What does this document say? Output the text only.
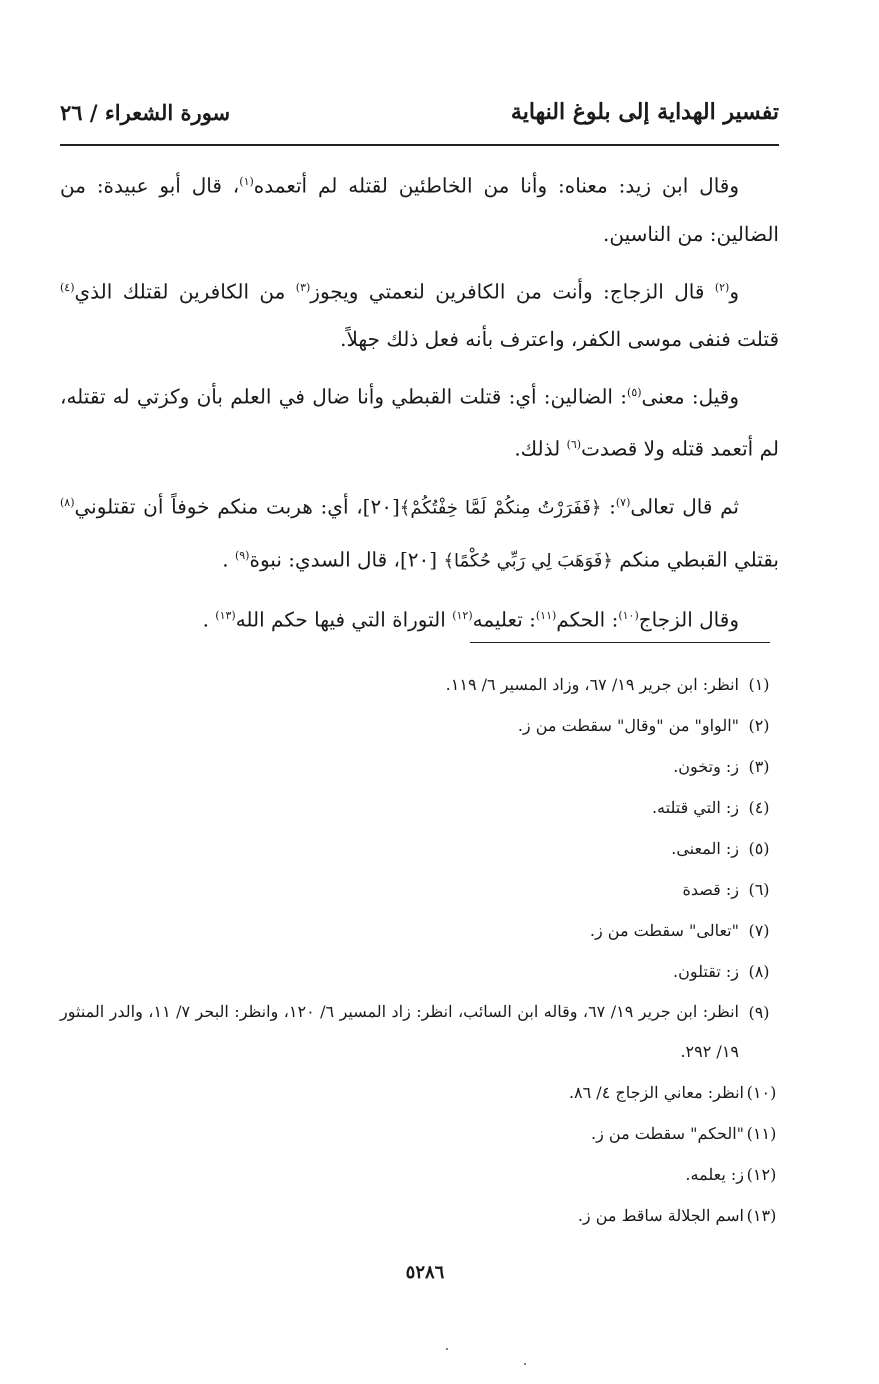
تفسير الهداية إلى بلوغ النهاية
سورة الشعراء / ٢٦

وقال ابن زيد: معناه: وأنا من الخاطئين لقتله لم أتعمده$^{(١)}$، قال أبو عبيدة: من الضالين: من الناسين.

و$^{(٢)}$ قال الزجاج: وأنت من الكافرين لنعمتي ويجوز$^{(٣)}$ من الكافرين لقتلك الذي$^{(٤)}$ قتلت فنفى موسى الكفر، واعترف بأنه فعل ذلك جهلاً.

وقيل: معنى$^{(٥)}$: الضالين: أي: قتلت القبطي وأنا ضال في العلم بأن وكزتي له تقتله، لم أتعمد قتله ولا قصدت$^{(٦)}$ لذلك.

ثم قال تعالى$^{(٧)}$: ﴿فَفَرَرْتُ مِنكُمْ لَمَّا خِفْتُكُمْ﴾[٢٠]، أي: هربت منكم خوفاً أن تقتلوني$^{(٨)}$ بقتلي القبطي منكم ﴿فَوَهَبَ لِي رَبِّي حُكْمًا﴾ [٢٠]، قال السدي: نبوة$^{(٩)}$ .

وقال الزجاج$^{(١٠)}$: الحكم$^{(١١)}$: تعليمه$^{(١٢)}$ التوراة التي فيها حكم الله$^{(١٣)}$ .

(١)
انظر: ابن جرير ١٩/ ٦٧، وزاد المسير ٦/ ١١٩.
(٢)
"الواو" من "وقال" سقطت من ز.
(٣)
ز: وتخون.
(٤)
ز: التي قتلته.
(٥)
ز: المعنى.
(٦)
ز: قصدة
(٧)
"تعالى" سقطت من ز.
(٨)
ز: تقتلون.
(٩)
انظر: ابن جرير ١٩/ ٦٧، وقاله ابن السائب، انظر: زاد المسير ٦/ ١٢٠، وانظر: البحر ٧/ ١١، والدر المنثور ١٩/ ٢٩٢.
(١٠)
انظر: معاني الزجاج ٤/ ٨٦.
(١١)
"الحكم" سقطت من ز.
(١٢)
ز: يعلمه.
(١٣)
اسم الجلالة ساقط من ز.
٥٢٨٦
